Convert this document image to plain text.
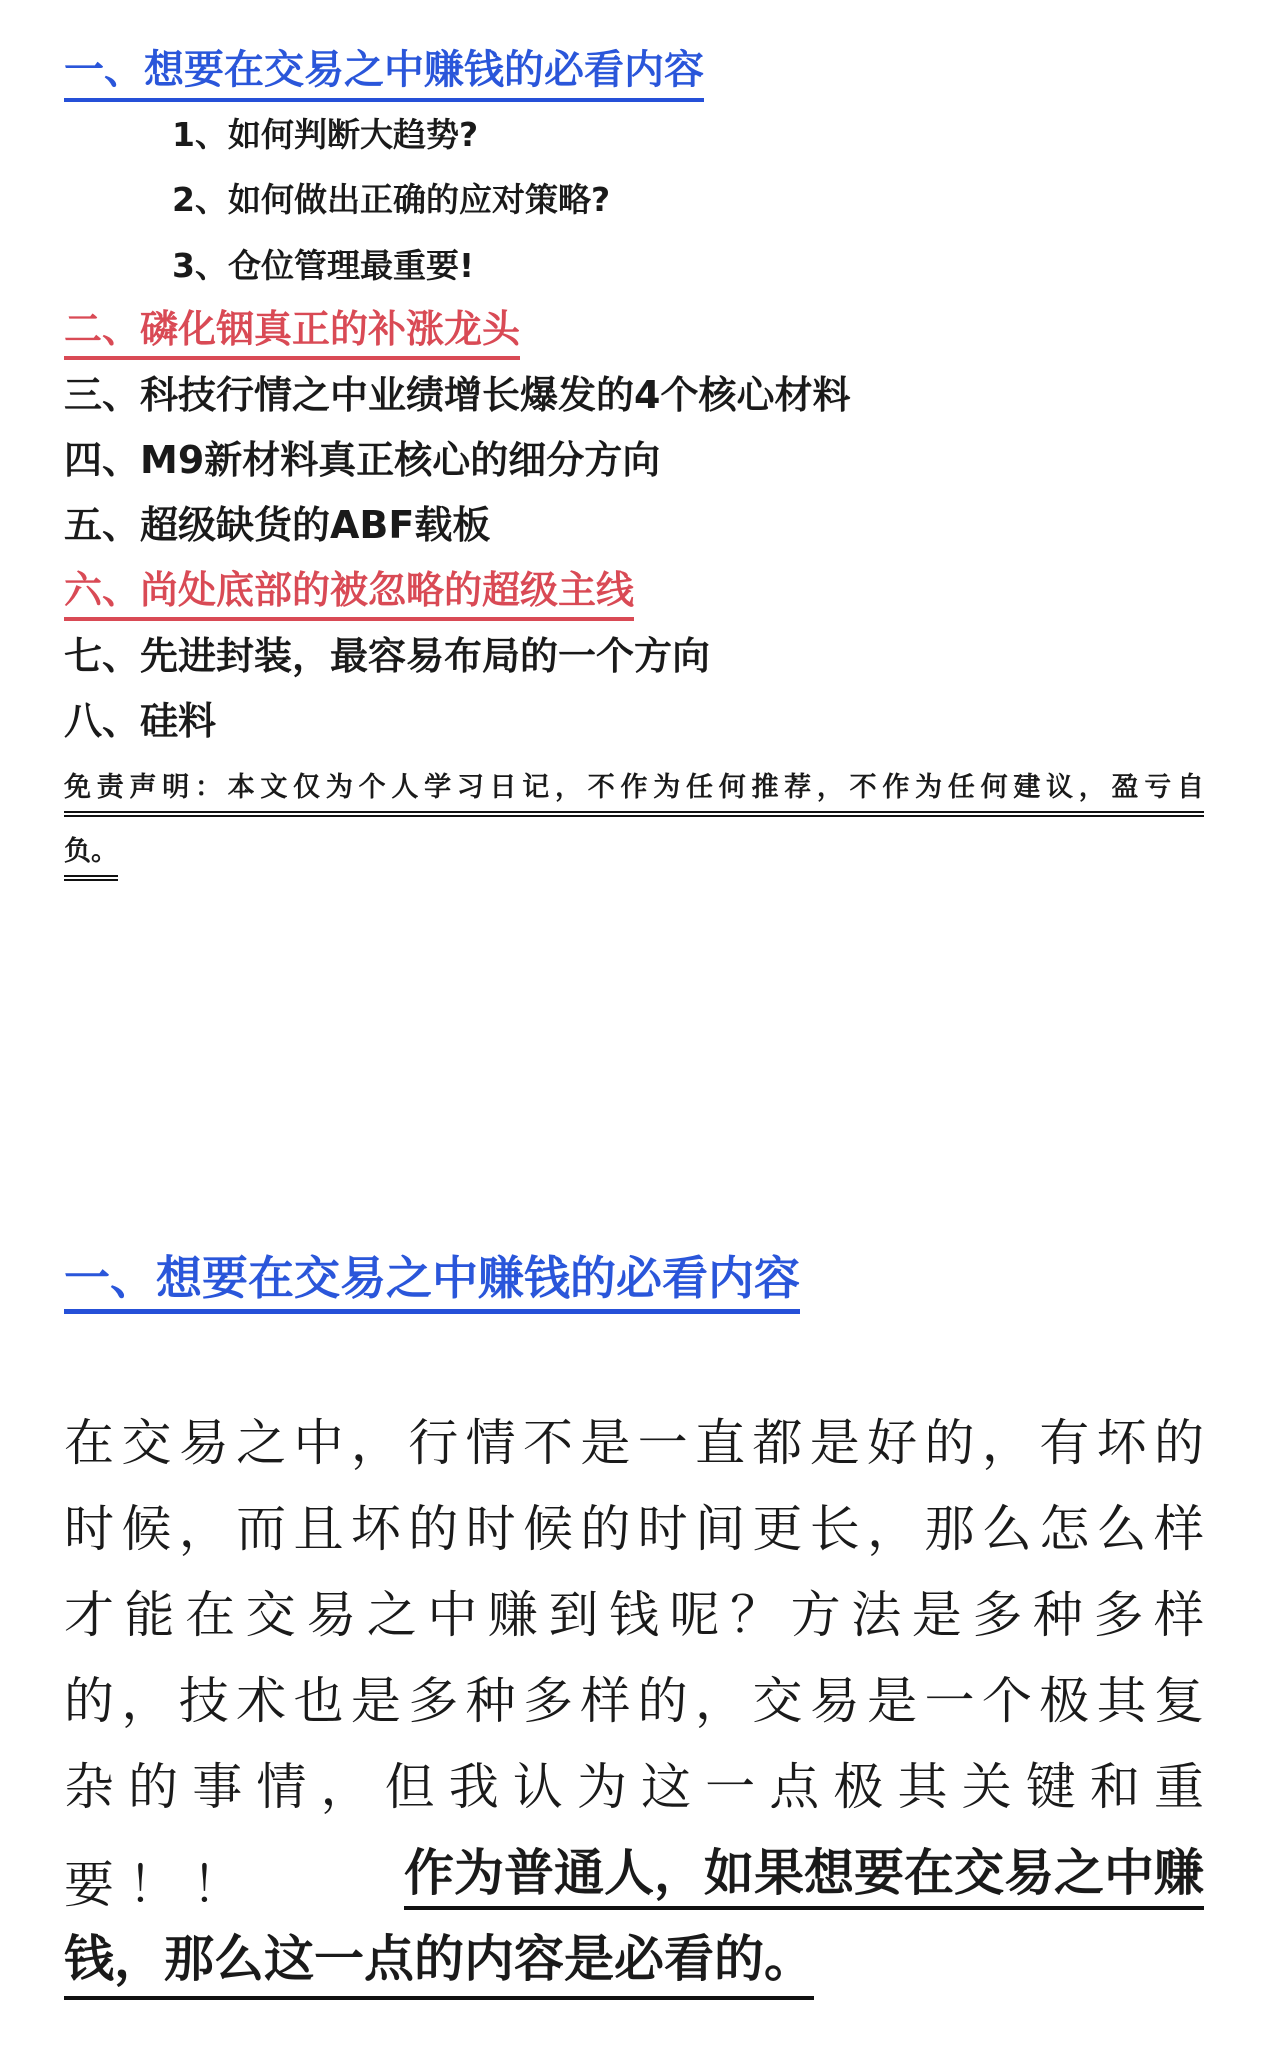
一、想要在交易之中赚钱的必看内容
1、如何判断大趋势?
2、如何做出正确的应对策略?
3、仓位管理最重要!
二、磷化铟真正的补涨龙头
三、科技行情之中业绩增长爆发的4个核心材料
四、M9新材料真正核心的细分方向
五、超级缺货的ABF载板
六、尚处底部的被忽略的超级主线
七、先进封装，最容易布局的一个方向
八、硅料
免责声明：本文仅为个人学习日记，不作为任何推荐，不作为任何建议，盈亏自
负。
一、想要在交易之中赚钱的必看内容
在交易之中，行情不是一直都是好的，有坏的
时候，而且坏的时候的时间更长，那么怎么样
才能在交易之中赚到钱呢？方法是多种多样
的，技术也是多种多样的，交易是一个极其复
杂的事情，但我认为这一点极其关键和重
要！！	作为普通人，如果想要在交易之中赚
钱，那么这一点的内容是必看的。
